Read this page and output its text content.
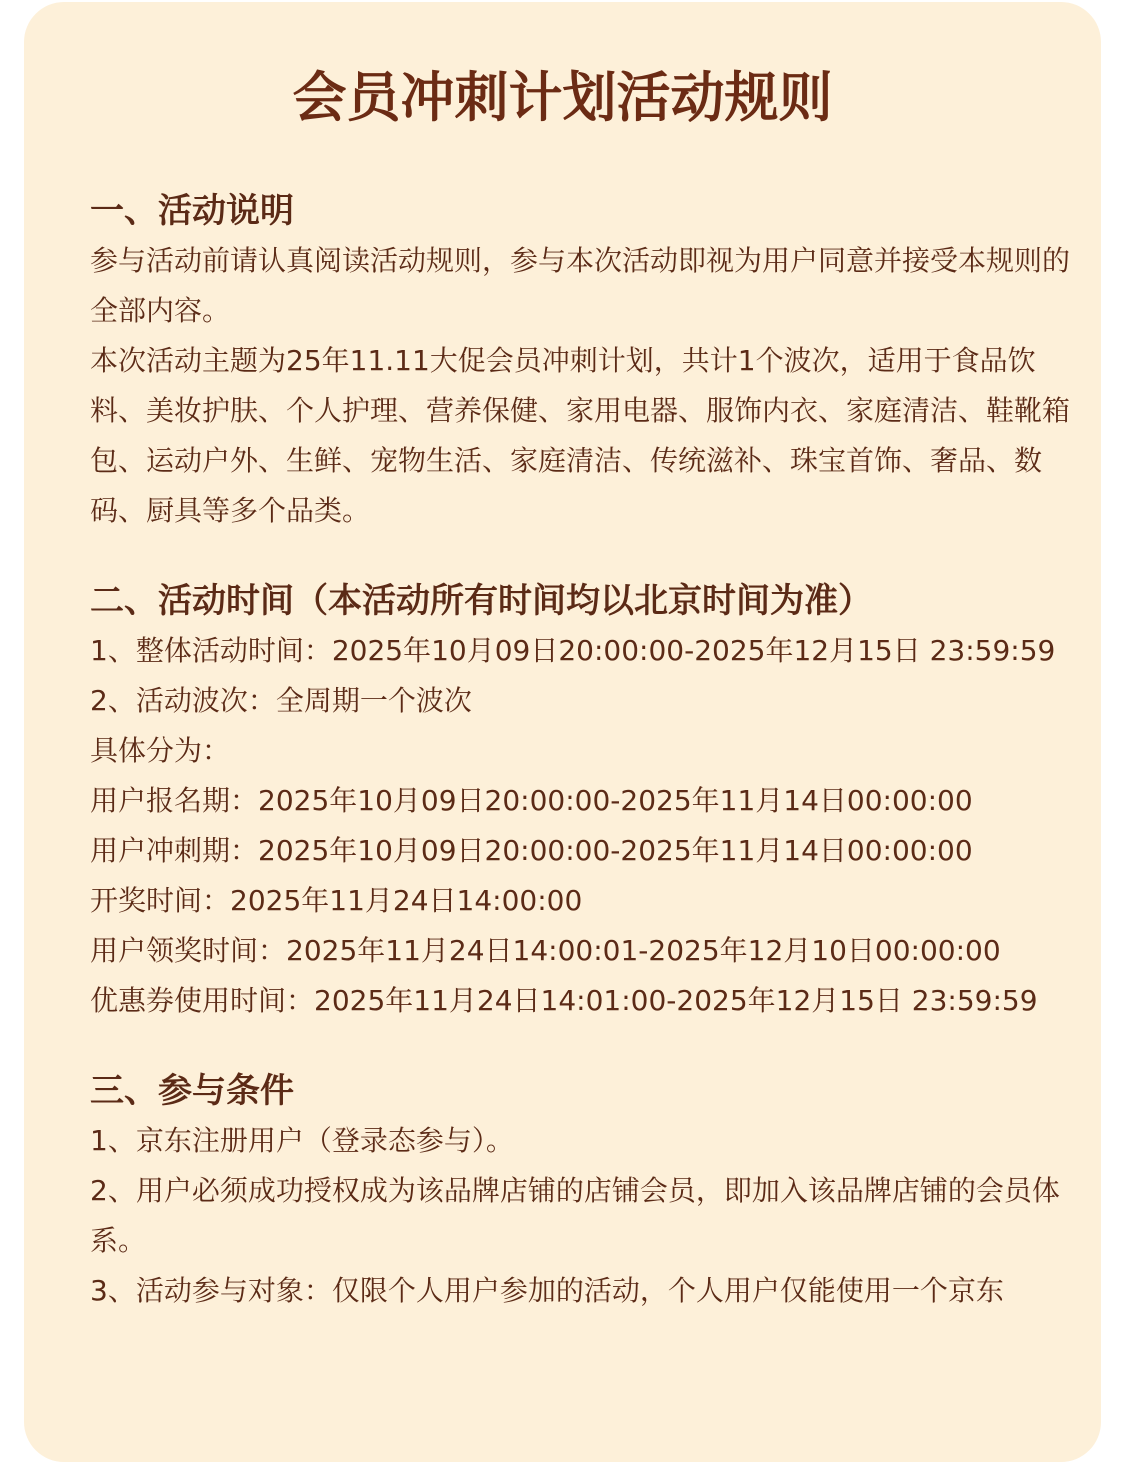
会员冲刺计划活动规则
一、活动说明

参与活动前请认真阅读活动规则，参与本次活动即视为用户同意并接受本规则的全部内容。

本次活动主题为25年11.11大促会员冲刺计划，共计1个波次，适用于食品饮料、美妆护肤、个人护理、营养保健、家用电器、服饰内衣、家庭清洁、鞋靴箱包、运动户外、生鲜、宠物生活、家庭清洁、传统滋补、珠宝首饰、奢品、数码、厨具等多个品类。

二、活动时间（本活动所有时间均以北京时间为准）

1、整体活动时间：2025年10月09日20:00:00-2025年12月15日 23:59:59

2、活动波次：全周期一个波次

具体分为：

用户报名期：2025年10月09日20:00:00-2025年11月14日00:00:00

用户冲刺期：2025年10月09日20:00:00-2025年11月14日00:00:00

开奖时间：2025年11月24日14:00:00

用户领奖时间：2025年11月24日14:00:01-2025年12月10日00:00:00

优惠券使用时间：2025年11月24日14:01:00-2025年12月15日 23:59:59

三、参与条件

1、京东注册用户（登录态参与）。

2、用户必须成功授权成为该品牌店铺的店铺会员，即加入该品牌店铺的会员体系。

3、活动参与对象：仅限个人用户参加的活动，个人用户仅能使用一个京东
